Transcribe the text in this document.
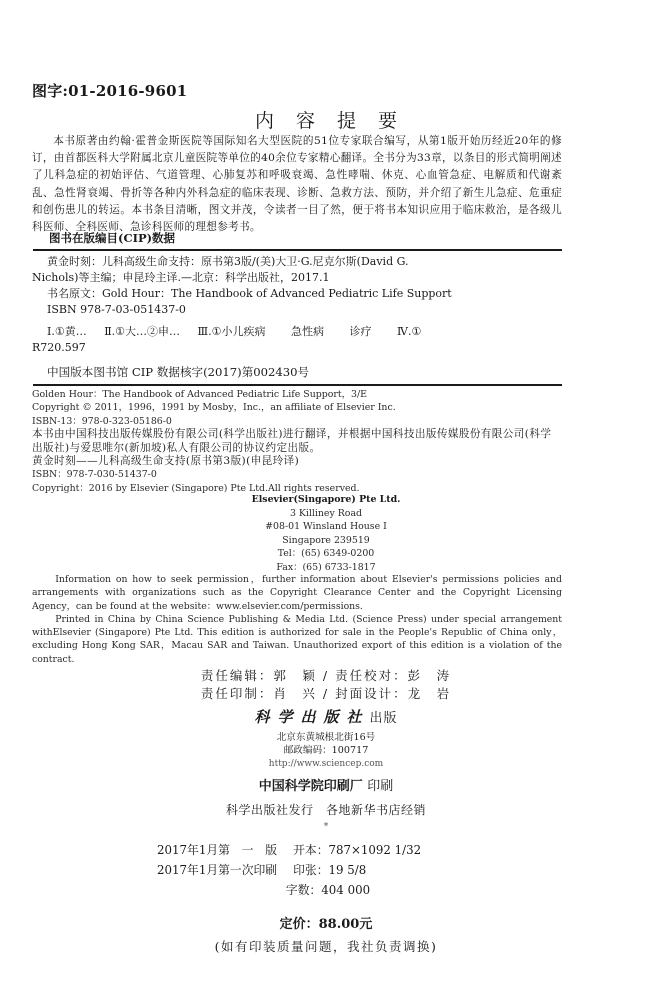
图字:01-2016-9601
内容提要

本书原著由约翰·霍普金斯医院等国际知名大型医院的51位专家联合编写，从第1版开始历经近20年的修订，由首都医科大学附属北京儿童医院等单位的40余位专家精心翻译。全书分为33章，以条目的形式简明阐述了儿科急症的初始评估、气道管理、心肺复苏和呼吸衰竭、急性哮喘、休克、心血管急症、电解质和代谢紊乱、急性肾衰竭、骨折等各种内外科急症的临床表现、诊断、急救方法、预防，并介绍了新生儿急症、危重症和创伤患儿的转运。本书条目清晰，图文并茂，令读者一目了然，便于将书本知识应用于临床救治，是各级儿科医师、全科医师、急诊科医师的理想参考书。

图书在版编目(CIP)数据

黄金时刻：儿科高级生命支持：原书第3版/(美)大卫·G.尼克尔斯(David G.

Nichols)等主编；申昆玲主译.—北京：科学出版社，2017.1

书名原文：Gold Hour：The Handbook of Advanced Pediatric Life Support

ISBN 978-7-03-051437-0

Ⅰ.①黄… Ⅱ.①大…②申… Ⅲ.①小儿疾病 急性病 诊疗 Ⅳ.①

R720.597

中国版本图书馆 CIP 数据核字(2017)第002430号

Golden Hour：The Handbook of Advanced Pediatric Life Support，3/E

Copyright © 2011，1996，1991 by Mosby，Inc.，an affiliate of Elsevier Inc.

ISBN-13：978-0-323-05186-0

本书由中国科技出版传媒股份有限公司(科学出版社)进行翻译，并根据中国科技出版传媒股份有限公司(科学出版社)与爱思唯尔(新加坡)私人有限公司的协议约定出版。

黄金时刻——儿科高级生命支持(原书第3版)(申昆玲译)

ISBN：978-7-030-51437-0

Copyright：2016 by Elsevier (Singapore) Pte Ltd.All rights reserved.

Elsevier(Singapore) Pte Ltd.

3 Killiney Road

#08-01 Winsland House I

Singapore 239519

Tel：(65) 6349-0200

Fax：(65) 6733-1817

Information on how to seek permission，further information about Elsevier's permissions policies and arrangements with organizations such as the Copyright Clearance Center and the Copyright Licensing Agency，can be found at the website：www.elsevier.com/permissions.

Printed in China by China Science Publishing & Media Ltd. (Science Press) under special arrangement withElsevier (Singapore) Pte Ltd. This edition is authorized for sale in the People's Republic of China only，excluding Hong Kong SAR，Macau SAR and Taiwan. Unauthorized export of this edition is a violation of the contract.

责任编辑：郭　颖 / 责任校对：彭　涛

责任印制：肖　兴 / 封面设计：龙　岩

科学出版社出版

北京东黄城根北街16号

邮政编码：100717

http://www.sciencep.com

中国科学院印刷厂 印刷
科学出版社发行　各地新华书店经销
*

2017年1月第　一　版 开本：787×1092 1/32

2017年1月第一次印刷 印张：19 5/8

字数：404 000

定价：88.00元
(如有印装质量问题，我社负责调换)
